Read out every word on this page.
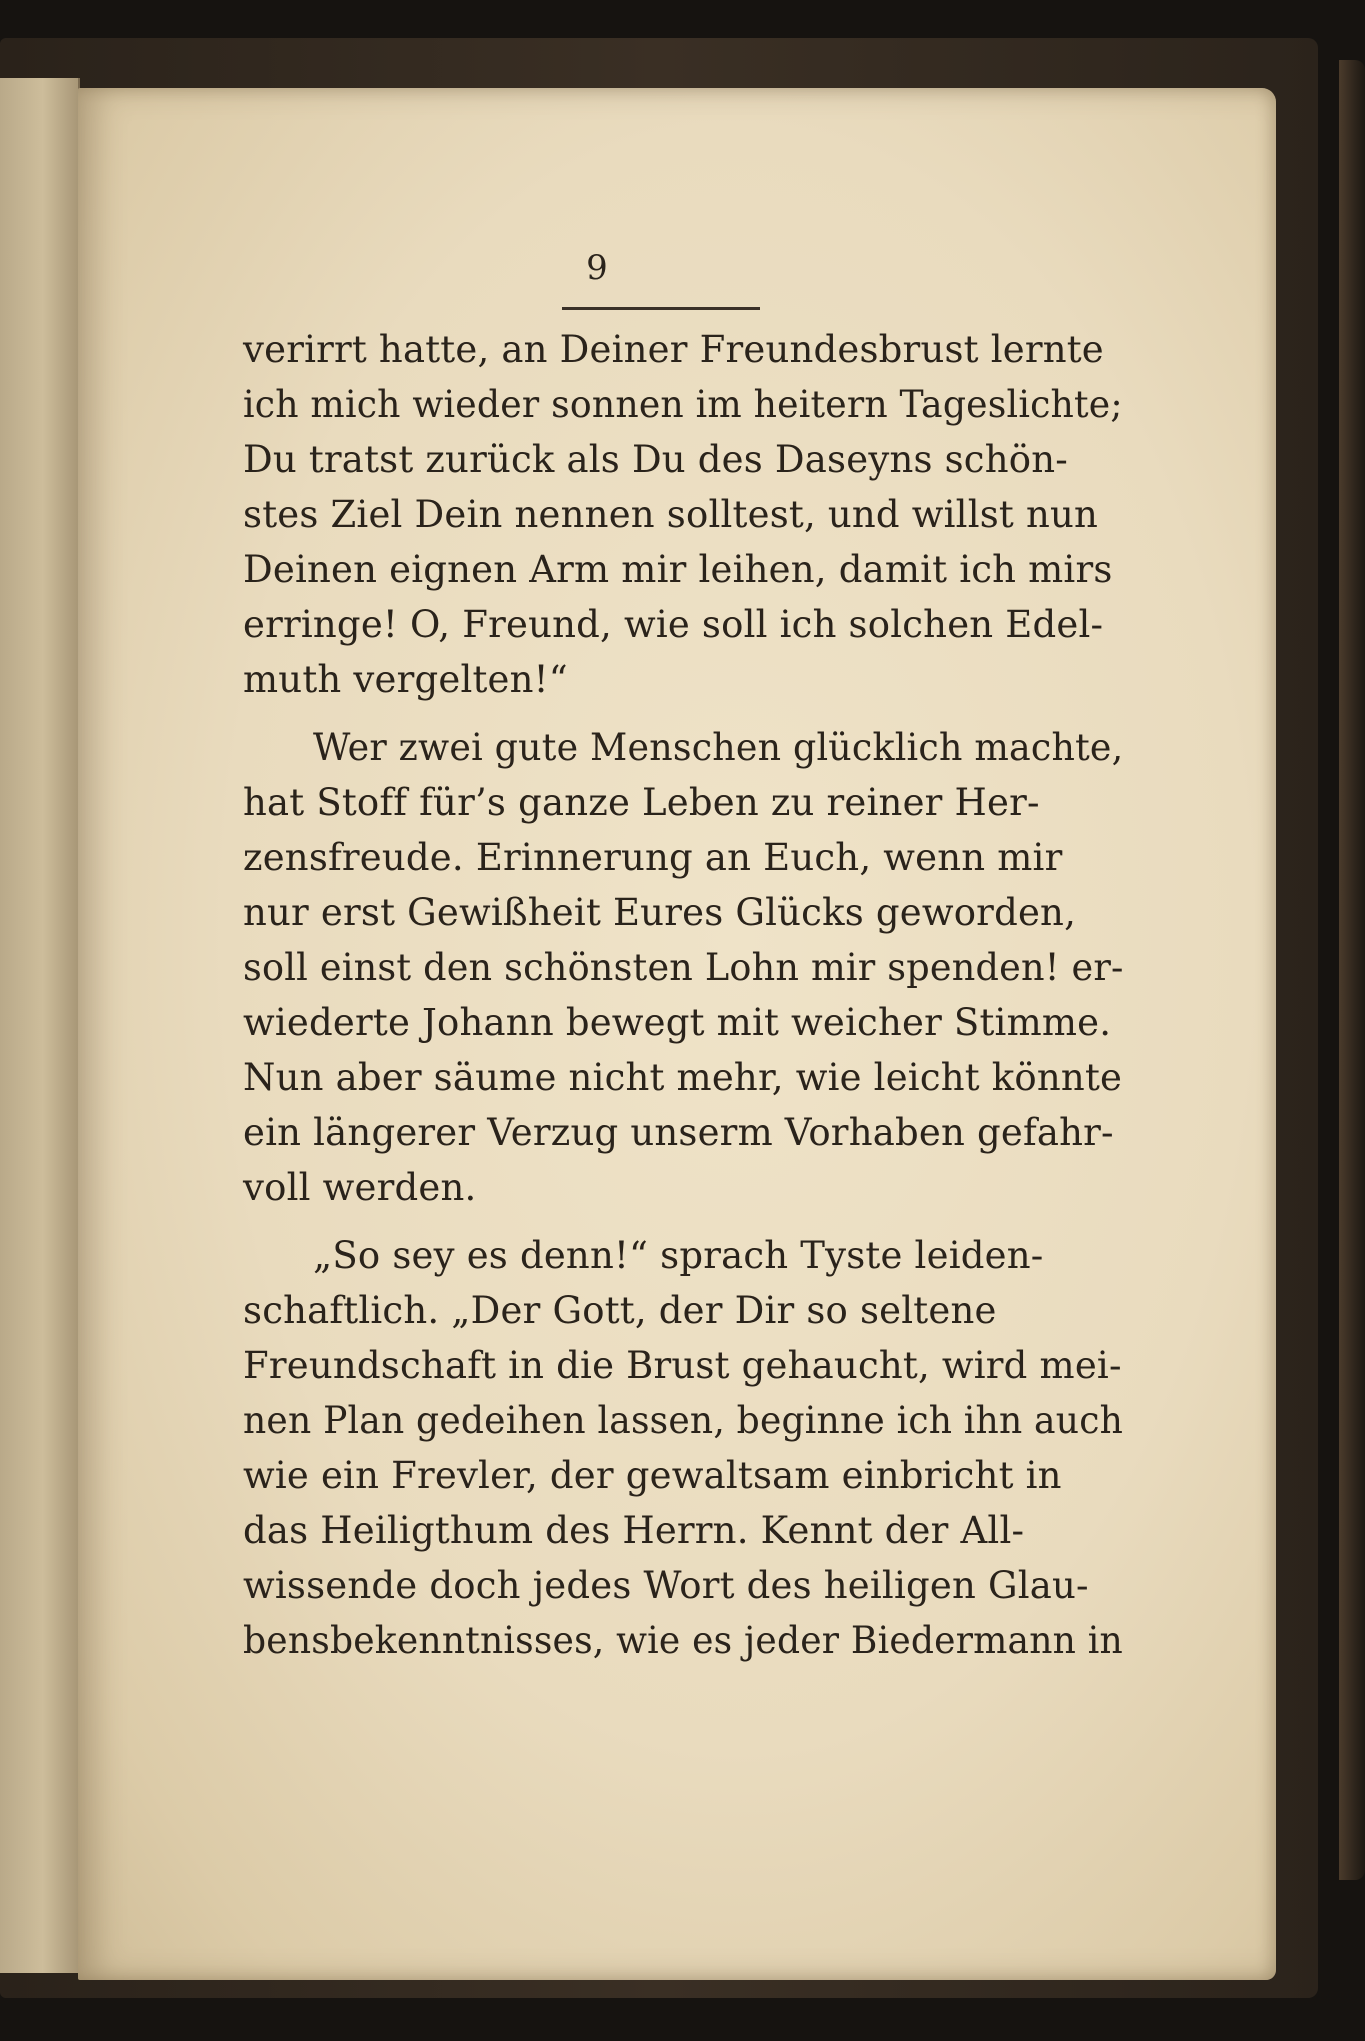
9
verirrt hatte, an Deiner Freundesbrust lernte
ich mich wieder sonnen im heitern Tageslichte;
Du tratst zurück als Du des Daseyns schön-
stes Ziel Dein nennen solltest, und willst nun
Deinen eignen Arm mir leihen, damit ich mirs
erringe! O, Freund, wie soll ich solchen Edel-
muth vergelten!“
Wer zwei gute Menschen glücklich machte,
hat Stoff für’s ganze Leben zu reiner Her-
zensfreude. Erinnerung an Euch, wenn mir
nur erst Gewißheit Eures Glücks geworden,
soll einst den schönsten Lohn mir spenden! er-
wiederte Johann bewegt mit weicher Stimme.
Nun aber säume nicht mehr, wie leicht könnte
ein längerer Verzug unserm Vorhaben gefahr-
voll werden.
„So sey es denn!“ sprach Tyste leiden-
schaftlich. „Der Gott, der Dir so seltene
Freundschaft in die Brust gehaucht, wird mei-
nen Plan gedeihen lassen, beginne ich ihn auch
wie ein Frevler, der gewaltsam einbricht in
das Heiligthum des Herrn. Kennt der All-
wissende doch jedes Wort des heiligen Glau-
bensbekenntnisses, wie es jeder Biedermann in
